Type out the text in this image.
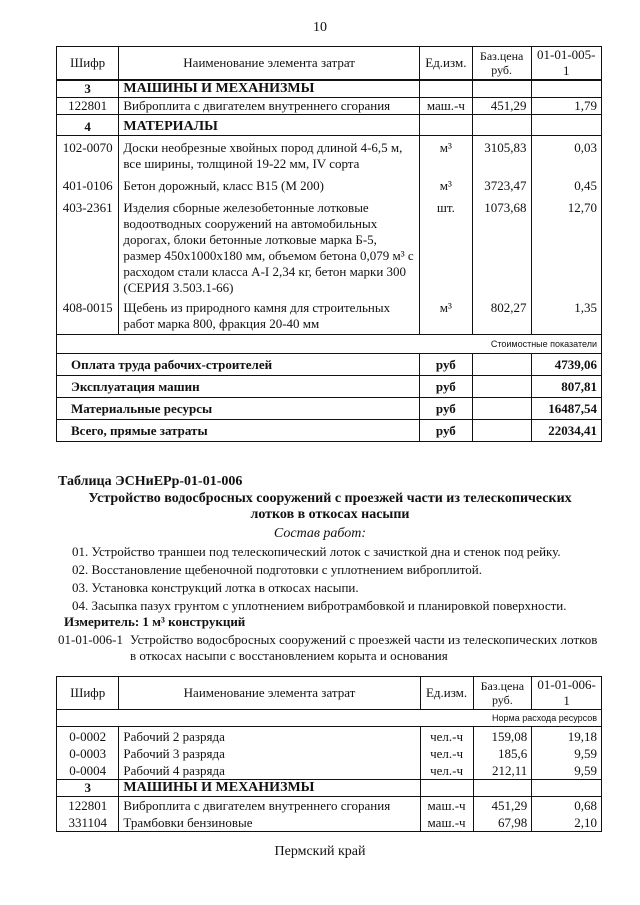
10
Шифр	Наименование элемента затрат	Ед.изм.	Баз.цена руб.	01-01-005-1
3	МАШИНЫ И МЕХАНИЗМЫ			
122801	Виброплита с двигателем внутреннего сгорания	маш.-ч	451,29	1,79
4	МАТЕРИАЛЫ			
102-0070	Доски необрезные хвойных пород длиной 4-6,5 м, все ширины, толщиной 19-22 мм, IV сорта	м³	3105,83	0,03
401-0106	Бетон дорожный, класс В15 (М 200)	м³	3723,47	0,45
403-2361	Изделия сборные железобетонные лотковые водоотводных сооружений на автомобильных дорогах, блоки бетонные лотковые марка Б-5, размер 450x1000x180 мм, объемом бетона 0,079 м³ с расходом стали класса А-I 2,34 кг, бетон марки 300 (СЕРИЯ 3.503.1-66)	шт.	1073,68	12,70
408-0015	Щебень из природного камня для строительных работ марка 800, фракция 20-40 мм	м³	802,27	1,35
Стоимостные показатели				
Оплата труда рабочих-строителей		руб		4739,06
Эксплуатация машин		руб		807,81
Материальные ресурсы		руб		16487,54
Всего, прямые затраты		руб		22034,41
Таблица ЭСНиЕРр-01-01-006
Устройство водосбросных сооружений с проезжей части из телескопических лотков в откосах насыпи
Состав работ:
01. Устройство траншеи под телескопический лоток с зачисткой дна и стенок под рейку.
02. Восстановление щебеночной подготовки с уплотнением виброплитой.
03. Установка конструкций лотка в откосах насыпи.
04. Засыпка пазух грунтом с уплотнением вибротрамбовкой и планировкой поверхности.
Измеритель: 1 м³ конструкций
01-01-006-1 Устройство водосбросных сооружений с проезжей части из телескопических лотков в откосах насыпи с восстановлением корыта и основания
Шифр	Наименование элемента затрат	Ед.изм.	Баз.цена руб.	01-01-006-1
Норма расхода ресурсов				
0-0002	Рабочий 2 разряда	чел.-ч	159,08	19,18
0-0003	Рабочий 3 разряда	чел.-ч	185,6	9,59
0-0004	Рабочий 4 разряда	чел.-ч	212,11	9,59
3	МАШИНЫ И МЕХАНИЗМЫ			
122801	Виброплита с двигателем внутреннего сгорания	маш.-ч	451,29	0,68
331104	Трамбовки бензиновые	маш.-ч	67,98	2,10
Пермский край
